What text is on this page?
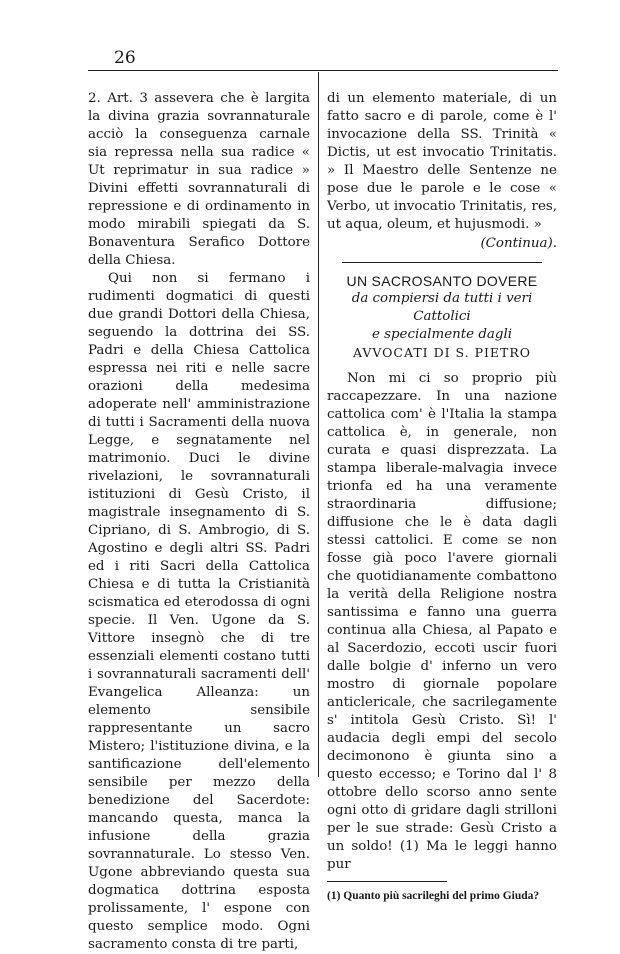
26

2. Art. 3 assevera che è largita la divina grazia sovrannaturale acciò la conseguenza carnale sia repressa nella sua radice « Ut reprimatur in sua radice » Divini effetti sovrannaturali di repressione e di ordinamento in modo mirabili spiegati da S. Bonaventura Serafico Dottore della Chiesa.

Qui non si fermano i rudimenti dogmatici di questi due grandi Dottori della Chiesa, seguendo la dottrina dei SS. Padri e della Chiesa Cattolica espressa nei riti e nelle sacre orazioni della medesima adoperate nell' amministrazione di tutti i Sacramenti della nuova Legge, e segnatamente nel matrimonio. Duci le divine rivelazioni, le sovrannaturali istituzioni di Gesù Cristo, il magistrale insegnamento di S. Cipriano, di S. Ambrogio, di S. Agostino e degli altri SS. Padri ed i riti Sacri della Cattolica Chiesa e di tutta la Cristianità scismatica ed eterodossa di ogni specie. Il Ven. Ugone da S. Vittore insegnò che di tre essenziali elementi costano tutti i sovrannaturali sacramenti dell' Evangelica Alleanza: un elemento sensibile rappresentante un sacro Mistero; l'istituzione divina, e la santificazione dell'elemento sensibile per mezzo della benedizione del Sacerdote: mancando questa, manca la infusione della grazia sovrannaturale. Lo stesso Ven. Ugone abbreviando questa sua dogmatica dottrina esposta prolissamente, l' espone con questo semplice modo. Ogni sacramento consta di tre parti,

di un elemento materiale, di un fatto sacro e di parole, come è l' invocazione della SS. Trinità « Dictis, ut est invocatio Trinitatis. » Il Maestro delle Sentenze ne pose due le parole e le cose « Verbo, ut invocatio Trinitatis, res, ut aqua, oleum, et hujusmodi. »

(Continua).

UN SACROSANTO DOVERE

da compiersi da tutti i veri Cattolici

e specialmente dagli

AVVOCATI DI S. PIETRO

Non mi ci so proprio più raccapezzare. In una nazione cattolica com' è l'Italia la stampa cattolica è, in generale, non curata e quasi disprezzata. La stampa liberale-malvagia invece trionfa ed ha una veramente straordinaria diffusione; diffusione che le è data dagli stessi cattolici. E come se non fosse già poco l'avere giornali che quotidianamente combattono la verità della Religione nostra santissima e fanno una guerra continua alla Chiesa, al Papato e al Sacerdozio, eccoti uscir fuori dalle bolgie d' inferno un vero mostro di giornale popolare anticlericale, che sacrilegamente s' intitola Gesù Cristo. Sì! l' audacia degli empi del secolo decimonono è giunta sino a questo eccesso; e Torino dal l' 8 ottobre dello scorso anno sente ogni otto di gridare dagli strilloni per le sue strade: Gesù Cristo a un soldo! (1) Ma le leggi hanno pur

(1) Quanto più sacrileghi del primo Giuda?
